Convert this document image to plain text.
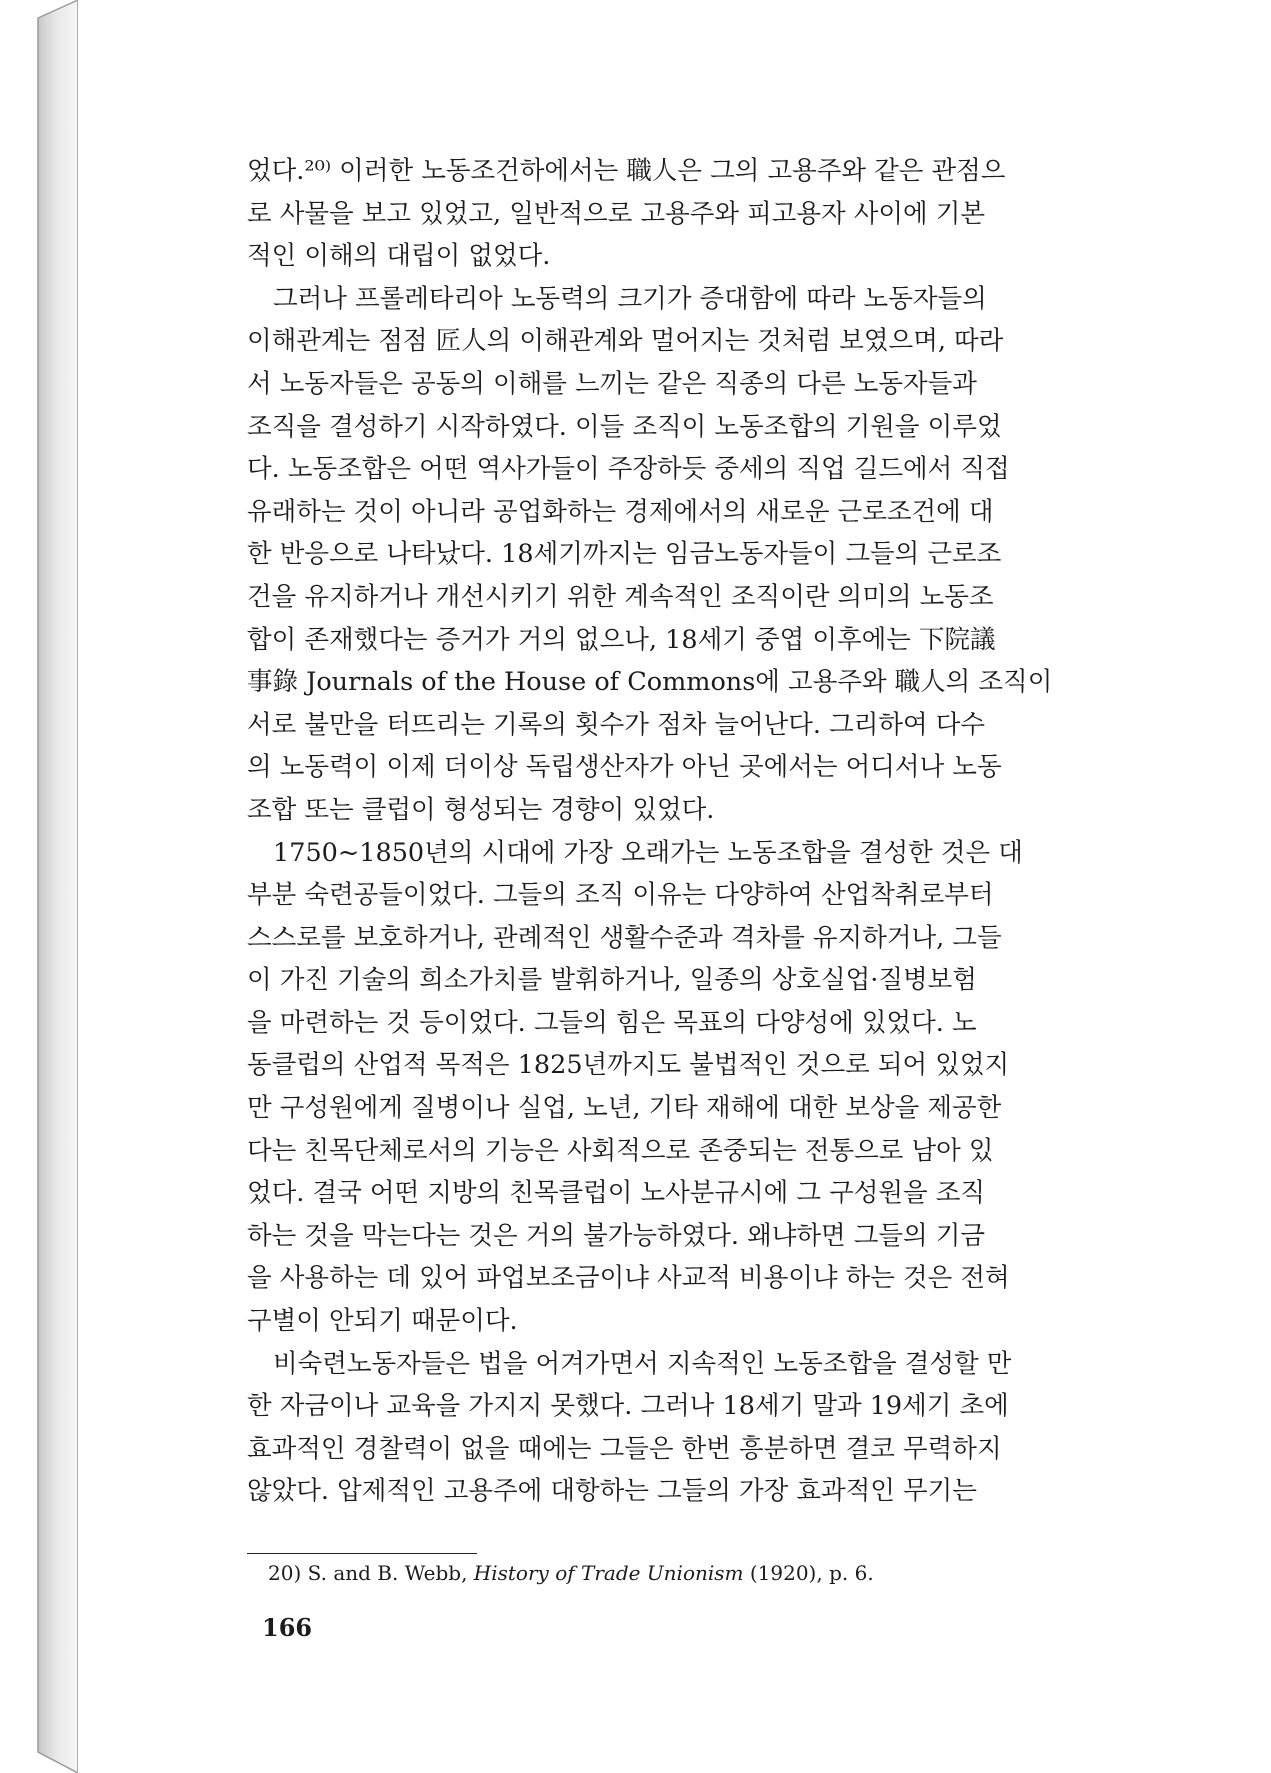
었다.²⁰⁾ 이러한 노동조건하에서는 職人은 그의 고용주와 같은 관점으
로 사물을 보고 있었고, 일반적으로 고용주와 피고용자 사이에 기본
적인 이해의 대립이 없었다.

그러나 프롤레타리아 노동력의 크기가 증대함에 따라 노동자들의
이해관계는 점점 匠人의 이해관계와 멀어지는 것처럼 보였으며, 따라
서 노동자들은 공동의 이해를 느끼는 같은 직종의 다른 노동자들과
조직을 결성하기 시작하였다. 이들 조직이 노동조합의 기원을 이루었
다. 노동조합은 어떤 역사가들이 주장하듯 중세의 직업 길드에서 직접
유래하는 것이 아니라 공업화하는 경제에서의 새로운 근로조건에 대
한 반응으로 나타났다. 18세기까지는 임금노동자들이 그들의 근로조
건을 유지하거나 개선시키기 위한 계속적인 조직이란 의미의 노동조
합이 존재했다는 증거가 거의 없으나, 18세기 중엽 이후에는 下院議
事錄 Journals of the House of Commons에 고용주와 職人의 조직이
서로 불만을 터뜨리는 기록의 횟수가 점차 늘어난다. 그리하여 다수
의 노동력이 이제 더이상 독립생산자가 아닌 곳에서는 어디서나 노동
조합 또는 클럽이 형성되는 경향이 있었다.

1750~1850년의 시대에 가장 오래가는 노동조합을 결성한 것은 대
부분 숙련공들이었다. 그들의 조직 이유는 다양하여 산업착취로부터
스스로를 보호하거나, 관례적인 생활수준과 격차를 유지하거나, 그들
이 가진 기술의 희소가치를 발휘하거나, 일종의 상호실업·질병보험
을 마련하는 것 등이었다. 그들의 힘은 목표의 다양성에 있었다. 노
동클럽의 산업적 목적은 1825년까지도 불법적인 것으로 되어 있었지
만 구성원에게 질병이나 실업, 노년, 기타 재해에 대한 보상을 제공한
다는 친목단체로서의 기능은 사회적으로 존중되는 전통으로 남아 있
었다. 결국 어떤 지방의 친목클럽이 노사분규시에 그 구성원을 조직
하는 것을 막는다는 것은 거의 불가능하였다. 왜냐하면 그들의 기금
을 사용하는 데 있어 파업보조금이냐 사교적 비용이냐 하는 것은 전혀
구별이 안되기 때문이다.

비숙련노동자들은 법을 어겨가면서 지속적인 노동조합을 결성할 만
한 자금이나 교육을 가지지 못했다. 그러나 18세기 말과 19세기 초에
효과적인 경찰력이 없을 때에는 그들은 한번 흥분하면 결코 무력하지
않았다. 압제적인 고용주에 대항하는 그들의 가장 효과적인 무기는

20) S. and B. Webb, History of Trade Unionism (1920), p. 6.
166
